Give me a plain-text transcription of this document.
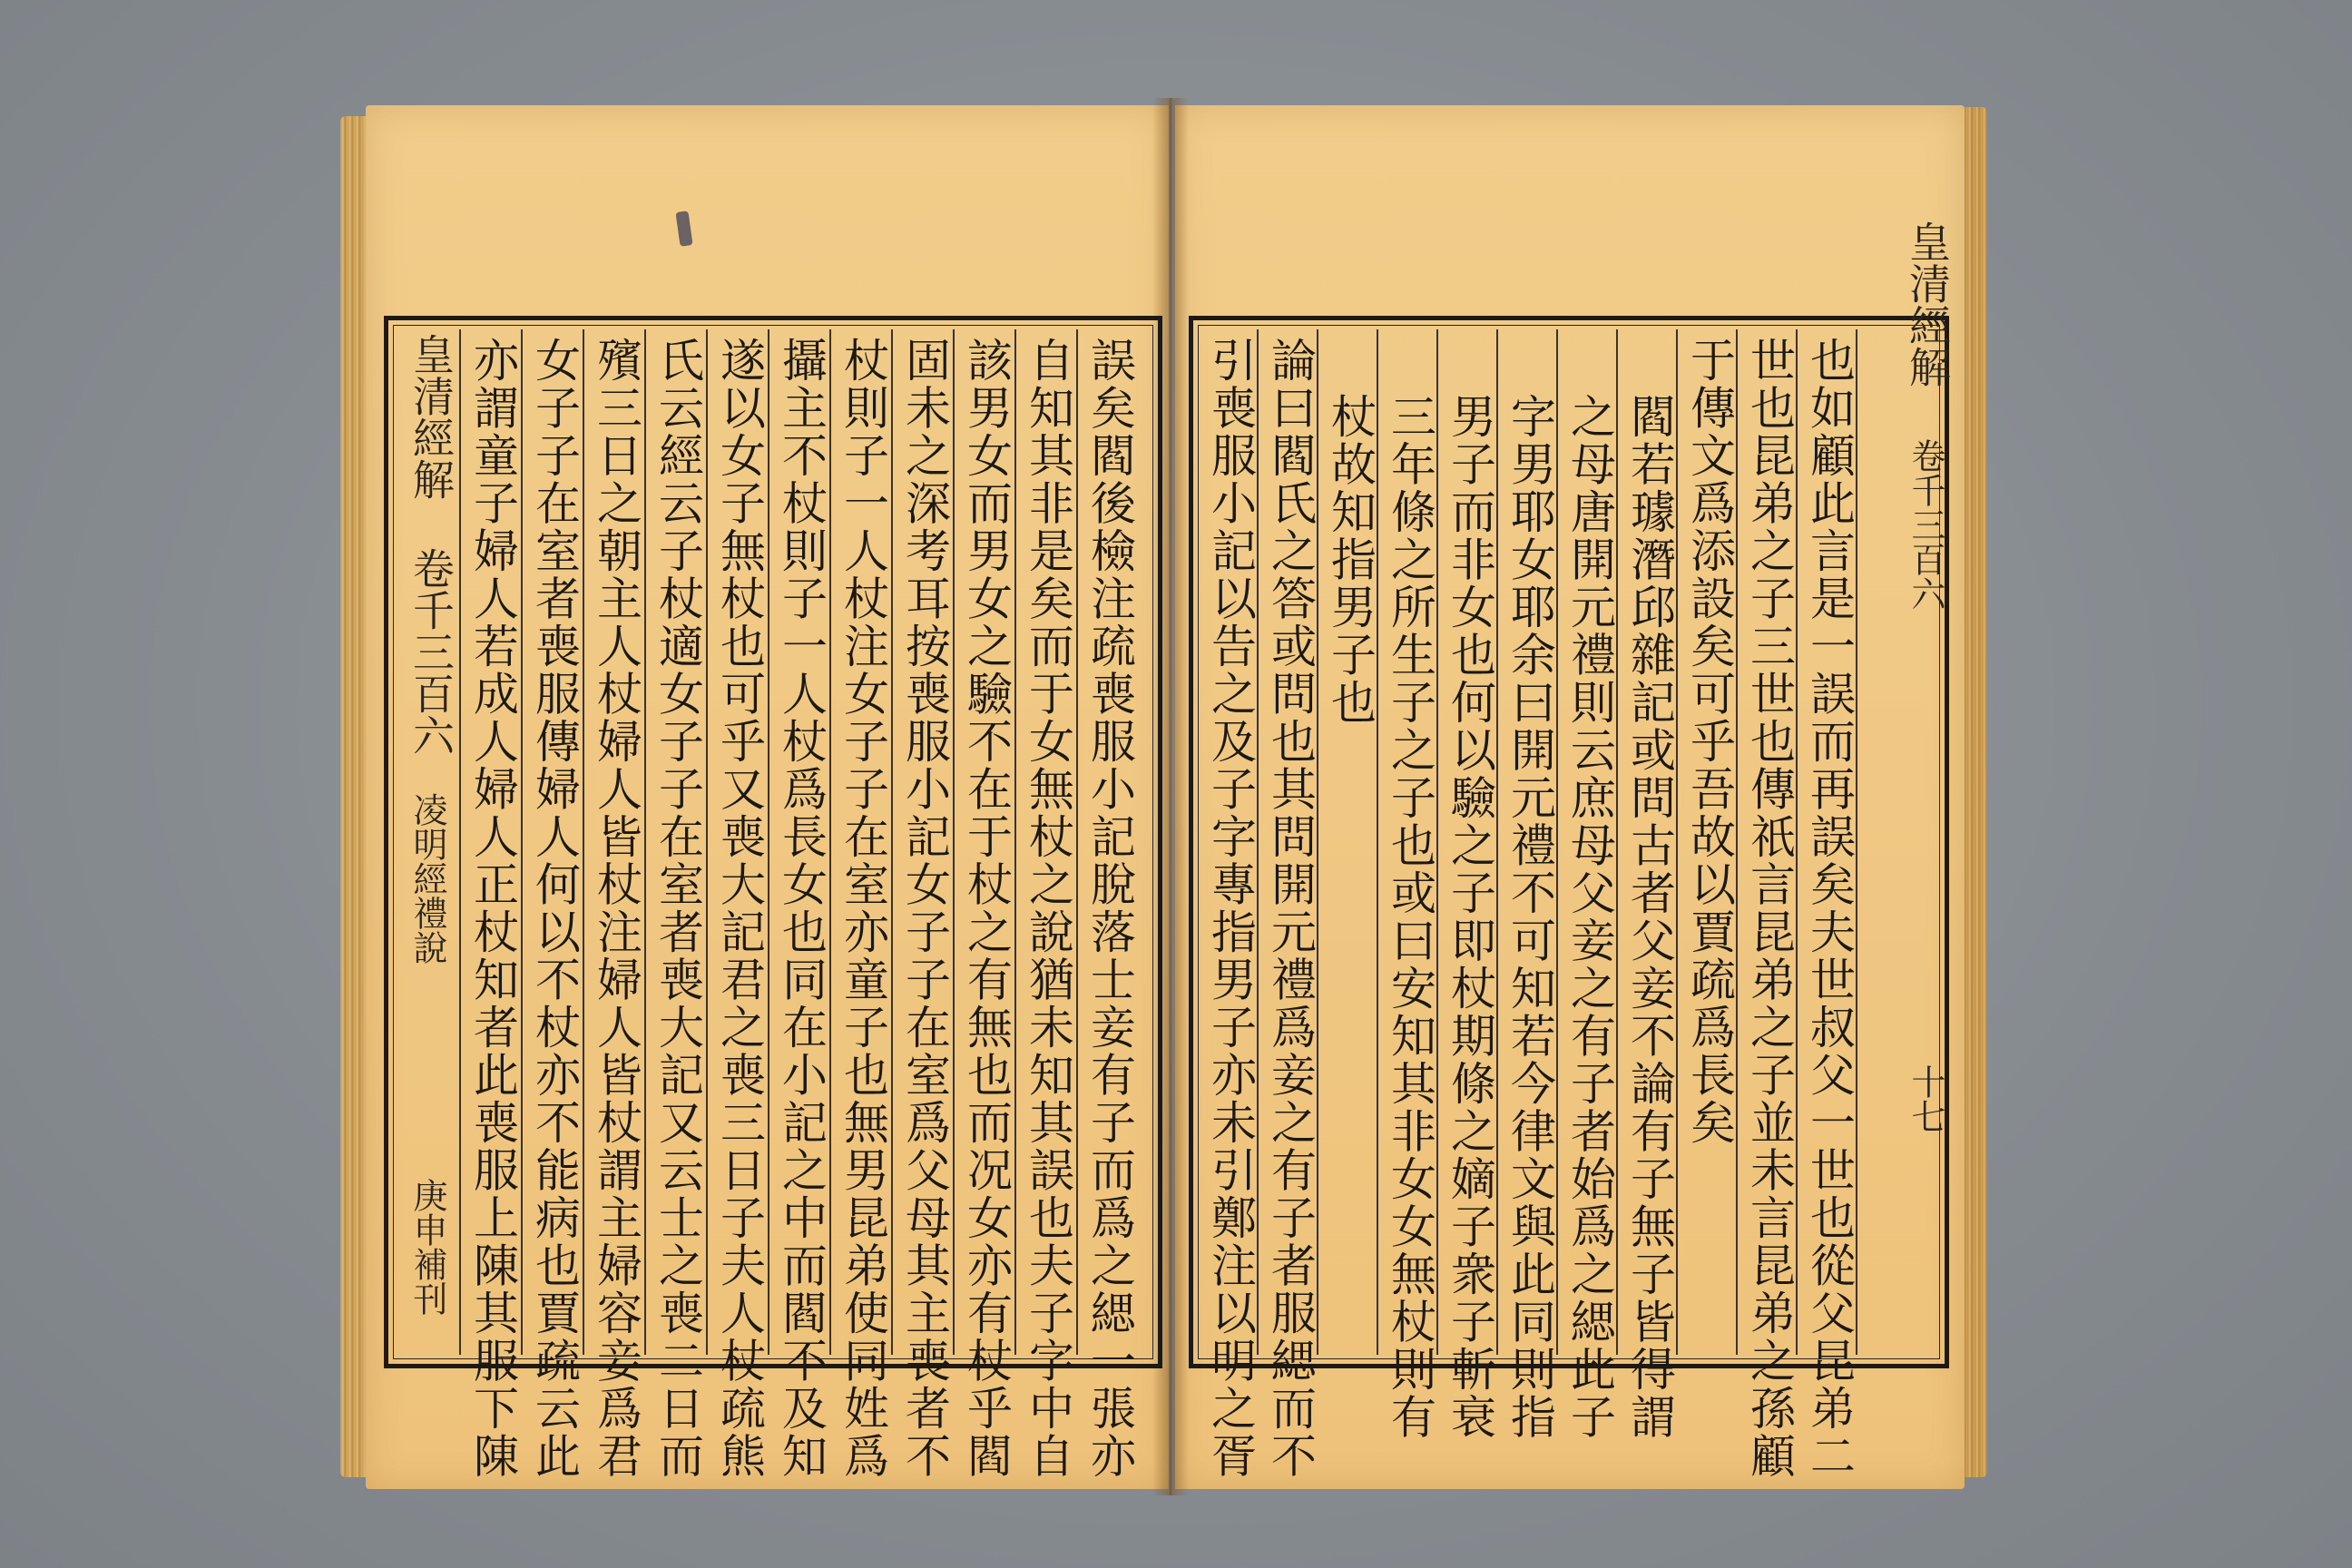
皇清經解
卷千三百六
凌明經禮說
庚申補刊	誤矣閻後檢注疏喪服小記脫落士妾有子而爲之緦一張亦
自知其非是矣而于女無杖之說猶未知其誤也夫子字中自
該男女而男女之驗不在于杖之有無也而况女亦有杖乎閻
固未之深考耳按喪服小記女子子在室爲父母其主喪者不
杖則子一人杖注女子子在室亦童子也無男昆弟使同姓爲
攝主不杖則子一人杖爲長女也同在小記之中而閻不及知
遂以女子無杖也可乎又喪大記君之喪三日子夫人杖疏熊
氏云經云子杖適女子子在室者喪大記又云士之喪二日而
殯三日之朝主人杖婦人皆杖注婦人皆杖謂主婦容妾爲君
女子子在室者喪服傳婦人何以不杖亦不能病也賈疏云此
亦謂童子婦人若成人婦人正杖知者此喪服上陳其服下陳	也如顧此言是一誤而再誤矣夫世叔父一世也從父昆弟二
世也昆弟之子三世也傳祇言昆弟之子並未言昆弟之孫顧
于傳文爲添設矣可乎吾故以賈疏爲長矣
閻若璩潛邱雜記或問古者父妾不論有子無子皆得謂
之母唐開元禮則云庶母父妾之有子者始爲之緦此子
字男耶女耶余曰開元禮不可知若今律文與此同則指
男子而非女也何以驗之子即杖期條之嫡子衆子斬衰
三年條之所生子之子也或曰安知其非女女無杖則有
杖故知指男子也
論曰閻氏之答或問也其問開元禮爲妾之有子者服緦而不
引喪服小記以告之及子字專指男子亦未引鄭注以明之胥
皇清經解
卷千三百六
十七
